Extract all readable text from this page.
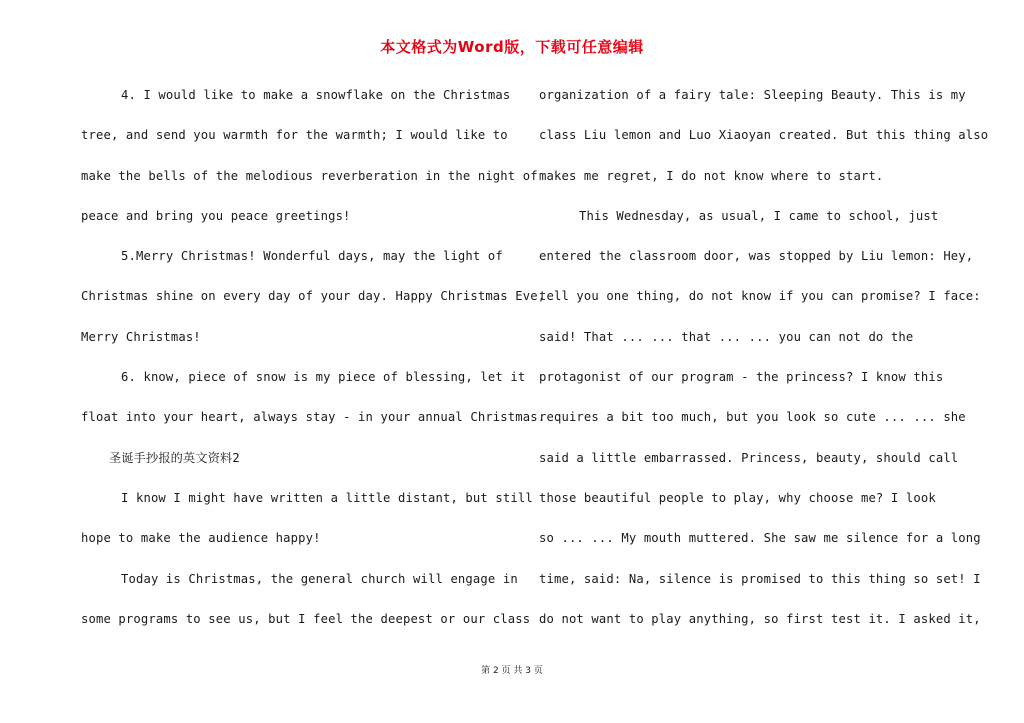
本文格式为Word版，下载可任意编辑
4. I would like to make a snowflake on the Christmas
tree, and send you warmth for the warmth; I would like to
make the bells of the melodious reverberation in the night of
peace and bring you peace greetings!
5.Merry Christmas! Wonderful days, may the light of
Christmas shine on every day of your day. Happy Christmas Eve,
Merry Christmas!
6. know, piece of snow is my piece of blessing, let it
float into your heart, always stay - in your annual Christmas.
圣诞手抄报的英文资料2
I know I might have written a little distant, but still
hope to make the audience happy!
Today is Christmas, the general church will engage in
some programs to see us, but I feel the deepest or our class
organization of a fairy tale: Sleeping Beauty. This is my
class Liu lemon and Luo Xiaoyan created. But this thing also
makes me regret, I do not know where to start.
This Wednesday, as usual, I came to school, just
entered the classroom door, was stopped by Liu lemon: Hey,
tell you one thing, do not know if you can promise? I face:
said! That ... ... that ... ... you can not do the
protagonist of our program - the princess? I know this
requires a bit too much, but you look so cute ... ... she
said a little embarrassed. Princess, beauty, should call
those beautiful people to play, why choose me? I look
so ... ... My mouth muttered. She saw me silence for a long
time, said: Na, silence is promised to this thing so set! I
do not want to play anything, so first test it. I asked it,
第 2 页 共 3 页
